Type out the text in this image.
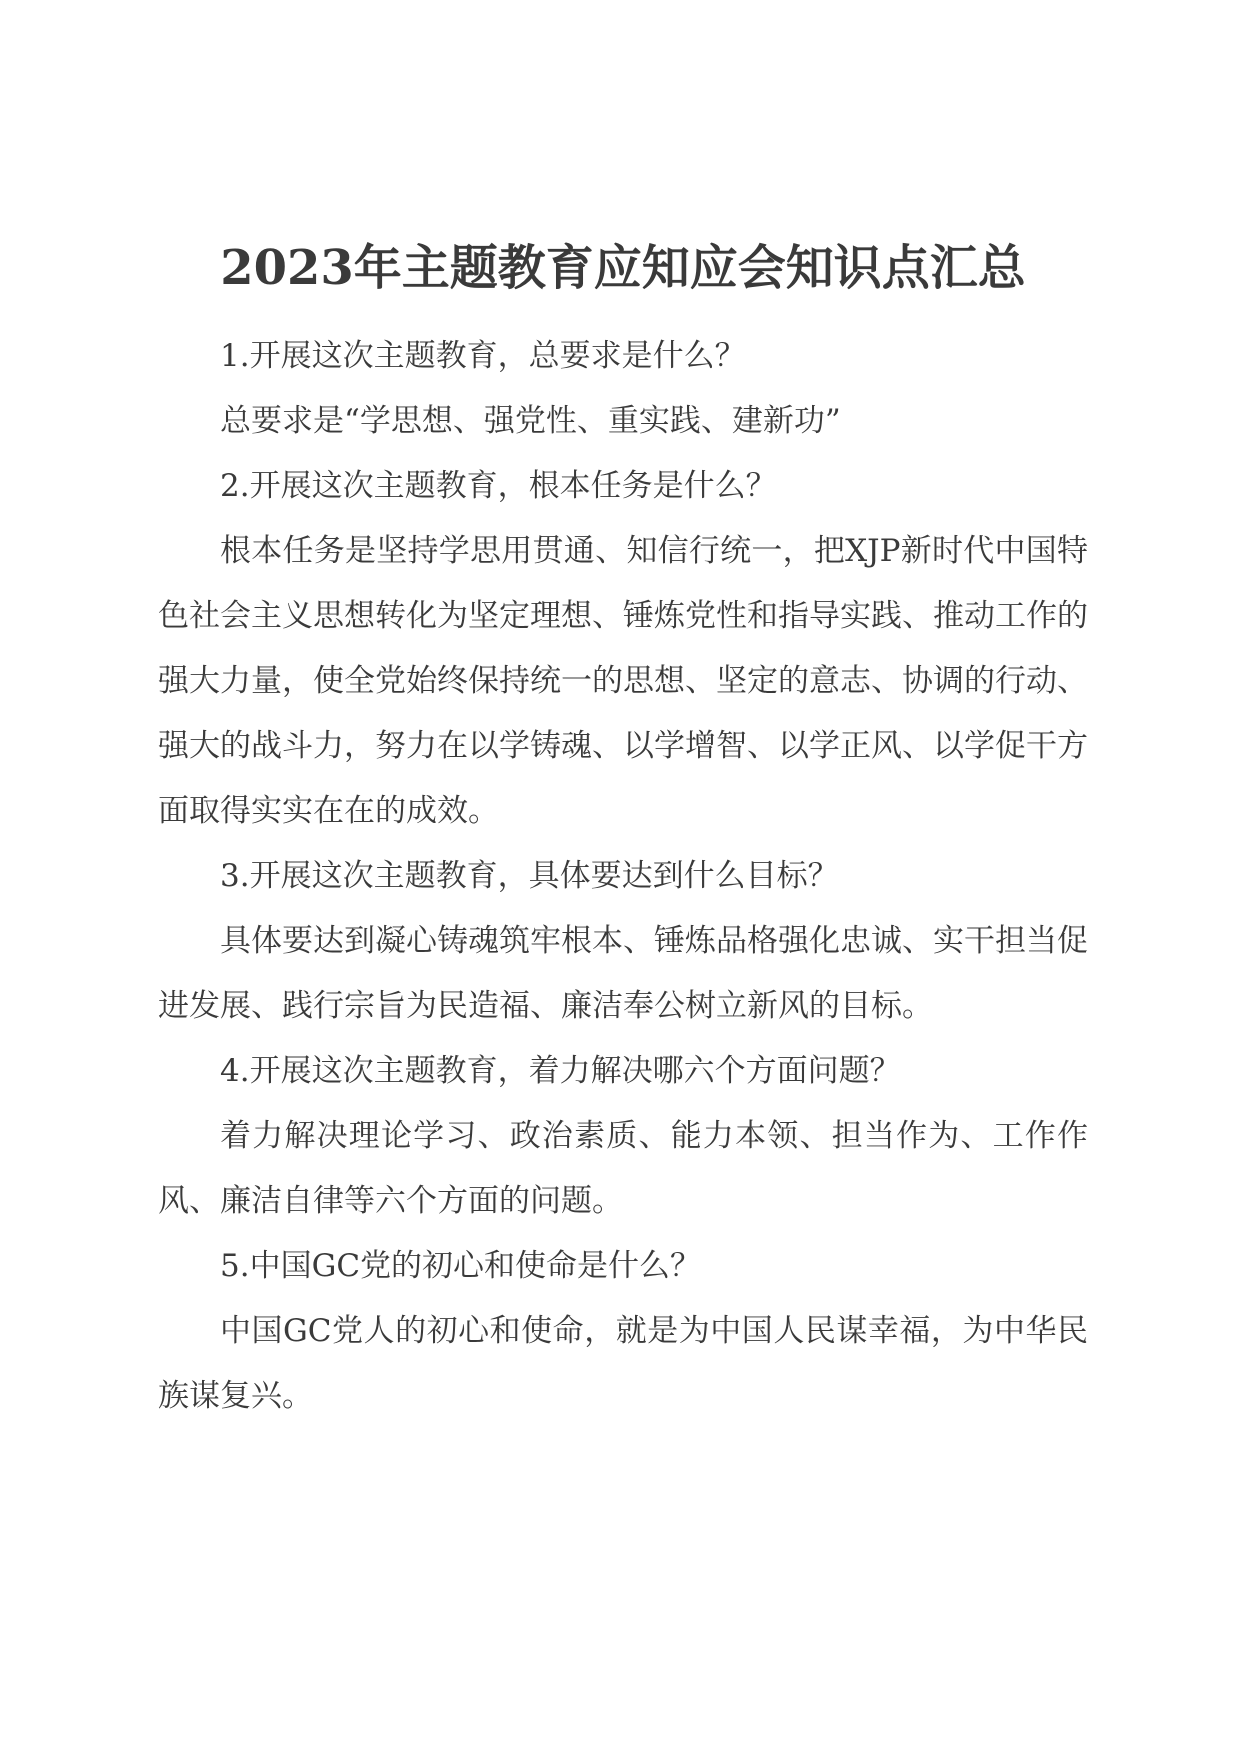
2023年主题教育应知应会知识点汇总

1.开展这次主题教育，总要求是什么？

总要求是“学思想、强党性、重实践、建新功”

2.开展这次主题教育，根本任务是什么？

根本任务是坚持学思用贯通、知信行统一，把XJP新时代中国特色社会主义思想转化为坚定理想、锤炼党性和指导实践、推动工作的强大力量，使全党始终保持统一的思想、坚定的意志、协调的行动、强大的战斗力，努力在以学铸魂、以学增智、以学正风、以学促干方面取得实实在在的成效。

3.开展这次主题教育，具体要达到什么目标？

具体要达到凝心铸魂筑牢根本、锤炼品格强化忠诚、实干担当促进发展、践行宗旨为民造福、廉洁奉公树立新风的目标。

4.开展这次主题教育，着力解决哪六个方面问题？

着力解决理论学习、政治素质、能力本领、担当作为、工作作风、廉洁自律等六个方面的问题。

5.中国GC党的初心和使命是什么？

中国GC党人的初心和使命，就是为中国人民谋幸福，为中华民族谋复兴。
